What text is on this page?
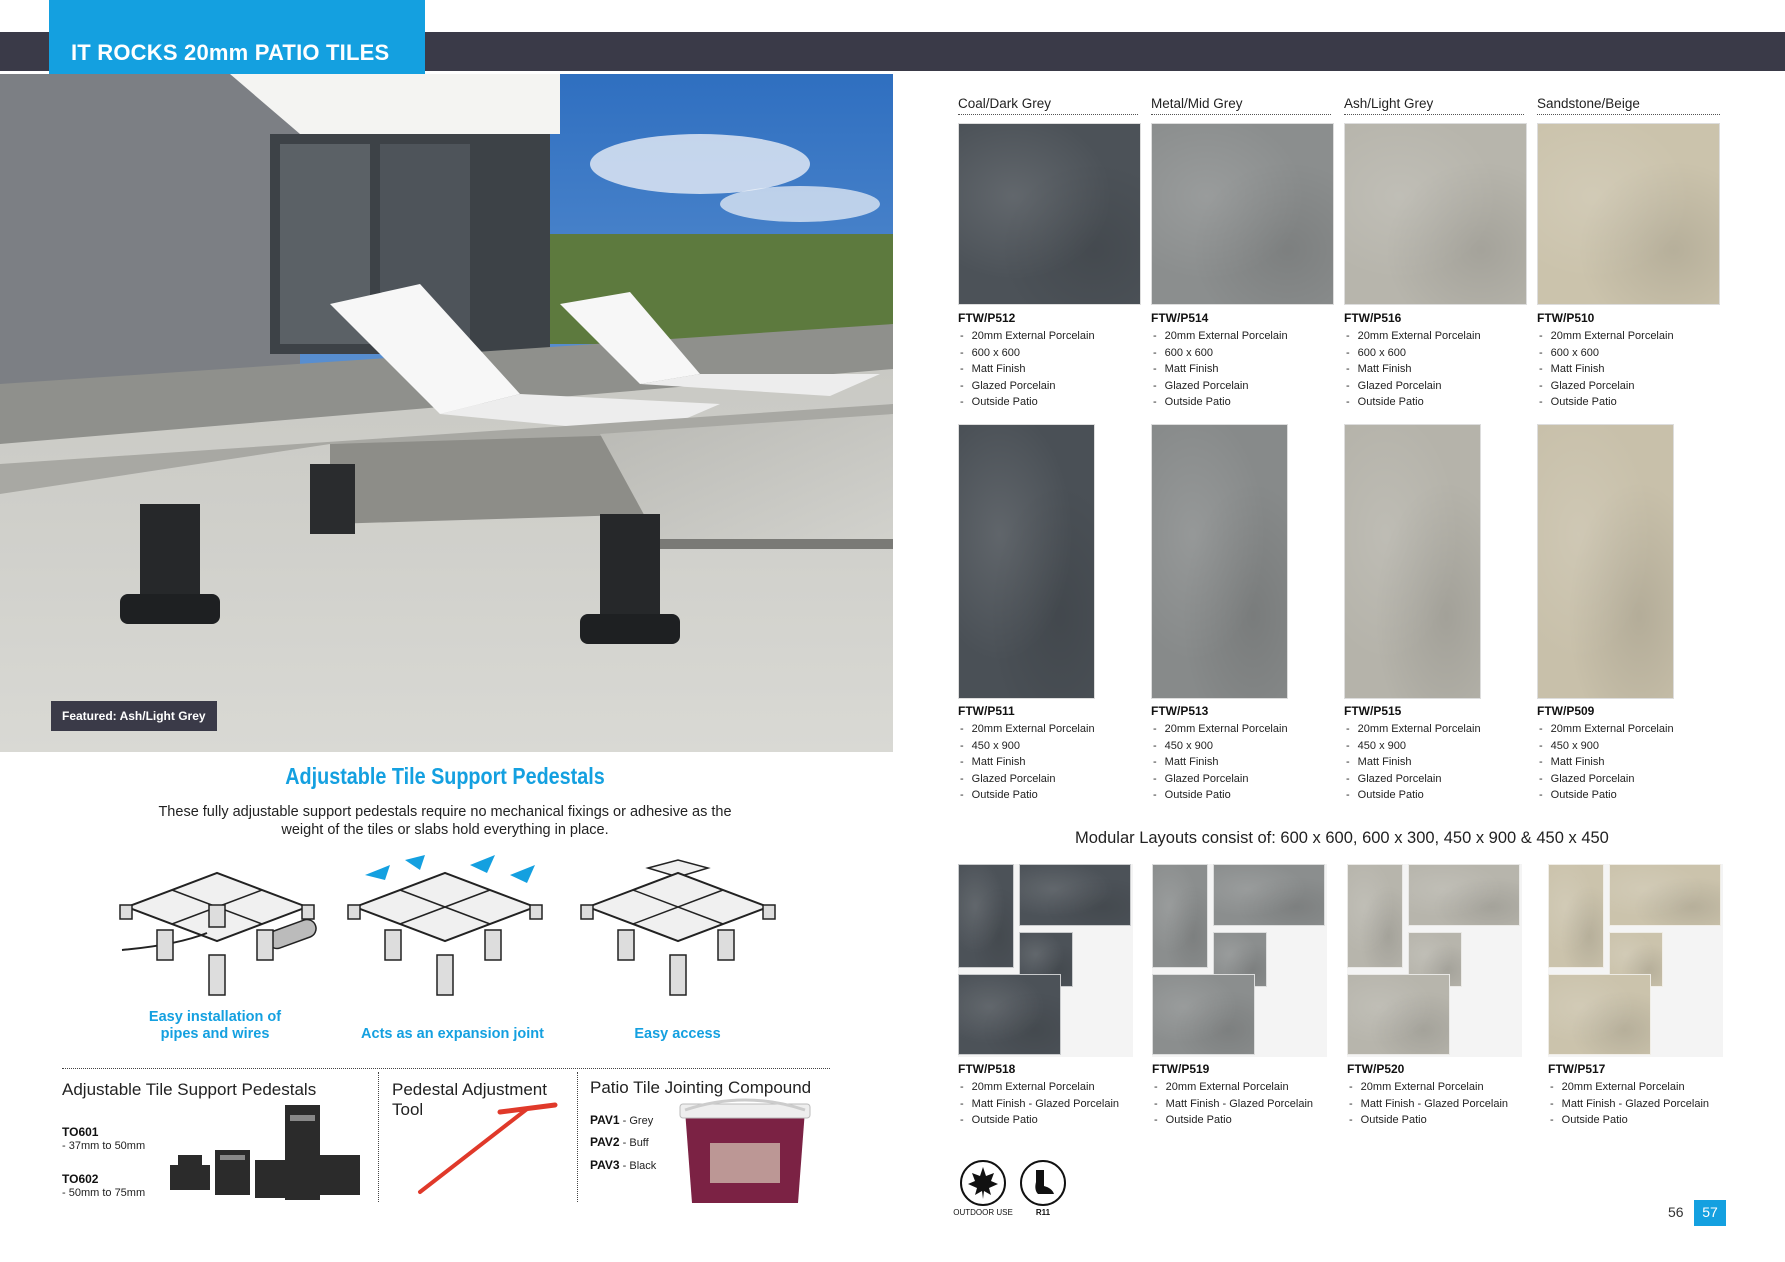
IT ROCKS 20mm PATIO TILES
Featured: Ash/Light Grey
Adjustable Tile Support Pedestals
These fully adjustable support pedestals require no mechanical fixings or adhesive as the weight of the tiles or slabs hold everything in place.
Easy installation of pipes and wires	Acts as an expansion joint	Easy access
Adjustable Tile Support Pedestals
TO601
- 37mm to 50mm
TO602
- 50mm to 75mm
Pedestal Adjustment Tool
Patio Tile Jointing Compound
PAV1 - Grey
PAV2 - Buff
PAV3 - Black
Coal/Dark Grey	Metal/Mid Grey	Ash/Light Grey	Sandstone/Beige
FTW/P512
- 20mm External Porcelain
- 600 x 600
- Matt Finish
- Glazed Porcelain
- Outside Patio
FTW/P514
- 20mm External Porcelain
- 600 x 600
- Matt Finish
- Glazed Porcelain
- Outside Patio
FTW/P516
- 20mm External Porcelain
- 600 x 600
- Matt Finish
- Glazed Porcelain
- Outside Patio
FTW/P510
- 20mm External Porcelain
- 600 x 600
- Matt Finish
- Glazed Porcelain
- Outside Patio
FTW/P511
- 20mm External Porcelain
- 450 x 900
- Matt Finish
- Glazed Porcelain
- Outside Patio
FTW/P513
- 20mm External Porcelain
- 450 x 900
- Matt Finish
- Glazed Porcelain
- Outside Patio
FTW/P515
- 20mm External Porcelain
- 450 x 900
- Matt Finish
- Glazed Porcelain
- Outside Patio
FTW/P509
- 20mm External Porcelain
- 450 x 900
- Matt Finish
- Glazed Porcelain
- Outside Patio
Modular Layouts consist of: 600 x 600, 600 x 300, 450 x 900 & 450 x 450
FTW/P518
- 20mm External Porcelain
- Matt Finish - Glazed Porcelain
- Outside Patio
FTW/P519
- 20mm External Porcelain
- Matt Finish - Glazed Porcelain
- Outside Patio
FTW/P520
- 20mm External Porcelain
- Matt Finish - Glazed Porcelain
- Outside Patio
FTW/P517
- 20mm External Porcelain
- Matt Finish - Glazed Porcelain
- Outside Patio
OUTDOOR USE	R11	56	57
